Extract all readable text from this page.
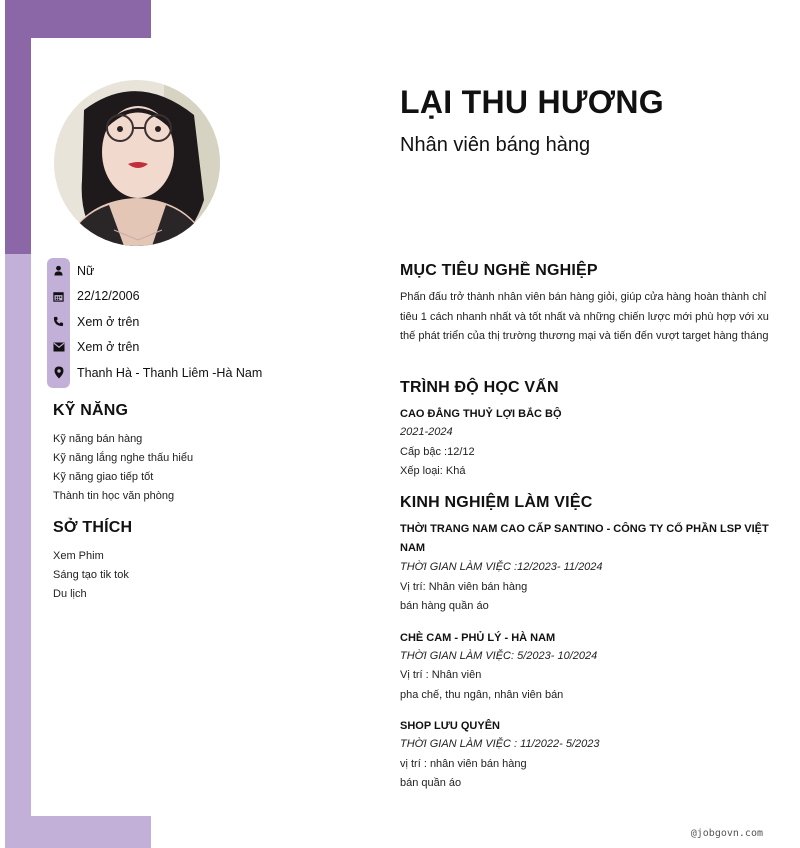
Nữ
22/12/2006
Xem ở trên
Xem ở trên
Thanh Hà - Thanh Liêm -Hà Nam
KỸ NĂNG
Kỹ năng bán hàng
Kỹ năng lắng nghe thấu hiểu
Kỹ năng giao tiếp tốt
Thành tin học văn phòng
SỞ THÍCH
Xem Phim
Sáng tạo tik tok
Du lịch
LẠI THU HƯƠNG
Nhân viên báng hàng
MỤC TIÊU NGHỀ NGHIỆP
Phấn đấu trở thành nhân viên bán hàng giỏi, giúp cửa hàng hoàn thành chỉ tiêu 1 cách nhanh nhất và tốt nhất và những chiến lược mới phù hợp với xu thế phát triển của thị trường thương mại và tiến đến vượt target hàng tháng
TRÌNH ĐỘ HỌC VẤN
CAO ĐẲNG THUỶ LỢI BẮC BỘ
2021-2024
Cấp bậc :12/12
Xếp loại: Khá
KINH NGHIỆM LÀM VIỆC
THỜI TRANG NAM CAO CẤP SANTINO - CÔNG TY CỔ PHẦN LSP VIỆT NAM
THỜI GIAN LÀM VIỆC :12/2023- 11/2024
Vị trí: Nhân viên bán hàng
bán hàng quần áo
CHÈ CAM - PHỦ LÝ - HÀ NAM
THỜI GIAN LÀM VIỆC: 5/2023- 10/2024
Vị trí : Nhân viên
pha chế, thu ngân, nhân viên bán
SHOP LƯU QUYÊN
THỜI GIAN LÀM VIỆC : 11/2022- 5/2023
vị trí : nhân viên bán hàng
bán quần áo
@jobgovn.com
